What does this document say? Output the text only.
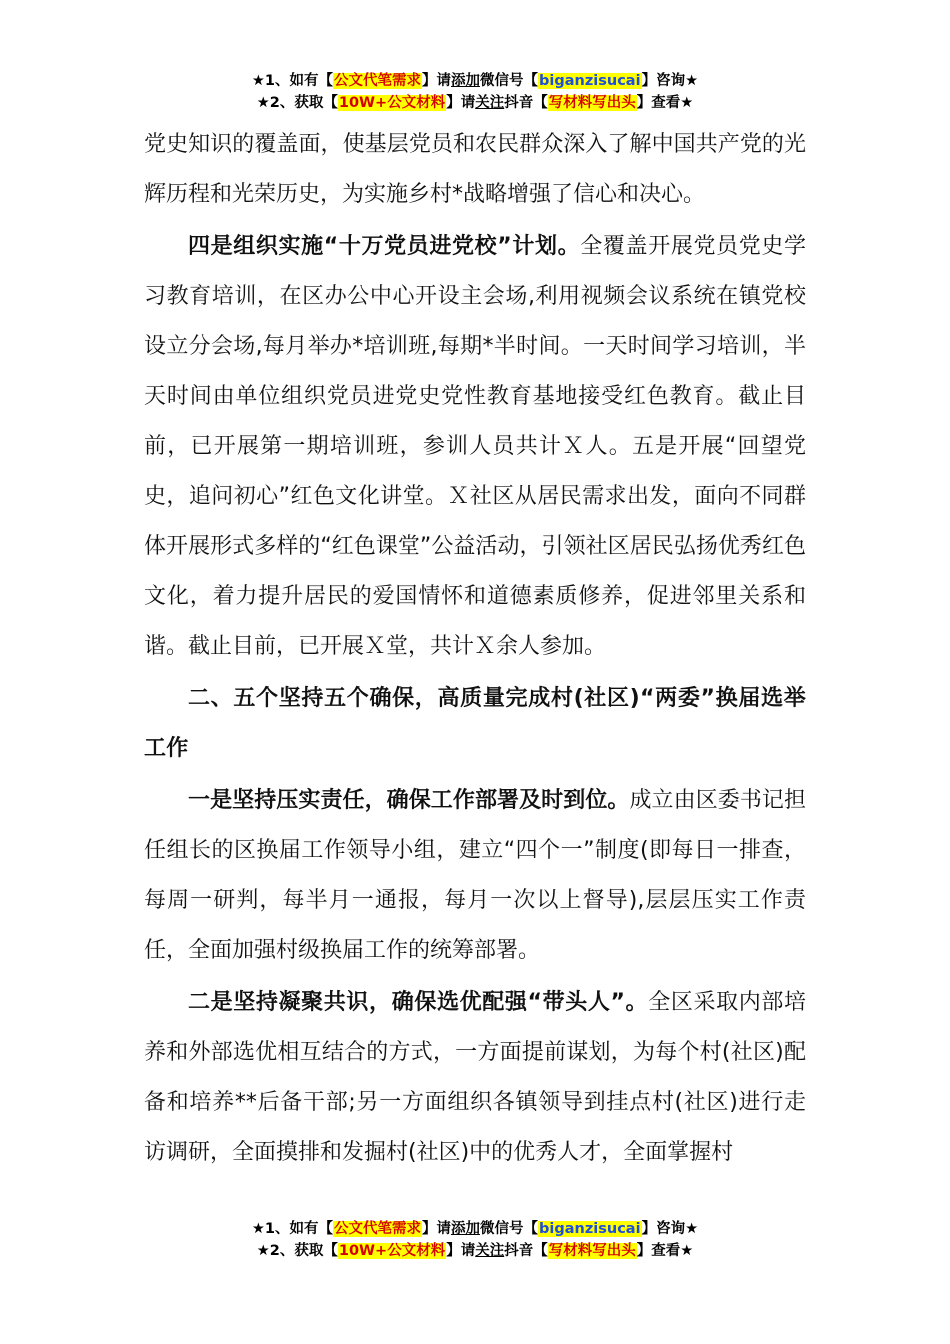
★1、如有【公文代笔需求】请添加微信号【biganzisucai】咨询★
★2、获取【10W+公文材料】请关注抖音【写材料写出头】查看★

党史知识的覆盖面，使基层党员和农民群众深入了解中国共产党的光辉历程和光荣历史，为实施乡村*战略增强了信心和决心。

四是组织实施“十万党员进党校”计划。全覆盖开展党员党史学习教育培训，在区办公中心开设主会场,利用视频会议系统在镇党校设立分会场,每月举办*培训班,每期*半时间。一天时间学习培训，半天时间由单位组织党员进党史党性教育基地接受红色教育。截止目前，已开展第一期培训班，参训人员共计Ｘ人。五是开展“回望党史，追问初心”红色文化讲堂。Ｘ社区从居民需求出发，面向不同群体开展形式多样的“红色课堂”公益活动，引领社区居民弘扬优秀红色文化，着力提升居民的爱国情怀和道德素质修养，促进邻里关系和谐。截止目前，已开展Ｘ堂，共计Ｘ余人参加。

二、五个坚持五个确保，高质量完成村(社区)“两委”换届选举工作

一是坚持压实责任，确保工作部署及时到位。成立由区委书记担任组长的区换届工作领导小组，建立“四个一”制度(即每日一排查，每周一研判，每半月一通报，每月一次以上督导),层层压实工作责任，全面加强村级换届工作的统筹部署。

二是坚持凝聚共识，确保选优配强“带头人”。全区采取内部培养和外部选优相互结合的方式，一方面提前谋划，为每个村(社区)配备和培养**后备干部;另一方面组织各镇领导到挂点村(社区)进行走访调研，全面摸排和发掘村(社区)中的优秀人才，全面掌握村

★1、如有【公文代笔需求】请添加微信号【biganzisucai】咨询★
★2、获取【10W+公文材料】请关注抖音【写材料写出头】查看★
